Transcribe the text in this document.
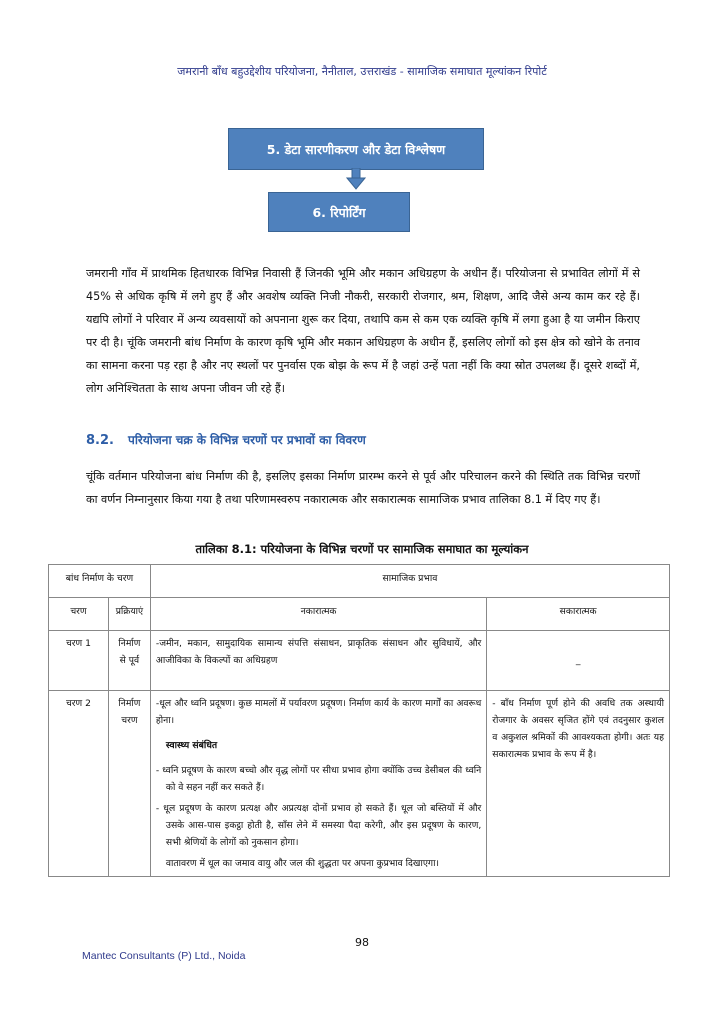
जमरानी बाँध बहुउद्देशीय परियोजना, नैनीताल, उत्तराखंड - सामाजिक समाघात मूल्यांकन रिपोर्ट
5. डेटा सारणीकरण और डेटा विश्लेषण
6. रिपोर्टिंग

जमरानी गाँव में प्राथमिक हितधारक विभिन्न निवासी हैं जिनकी भूमि और मकान अधिग्रहण के अधीन हैं। परियोजना से प्रभावित लोगों में से 45% से अधिक कृषि में लगे हुए हैं और अवशेष व्यक्ति निजी नौकरी, सरकारी रोजगार, श्रम, शिक्षण, आदि जैसे अन्य काम कर रहे हैं। यद्यपि लोगों ने परिवार में अन्य व्यवसायों को अपनाना शुरू कर दिया, तथापि कम से कम एक व्यक्ति कृषि में लगा हुआ है या जमीन किराए पर दी है। चूंकि जमरानी बांध निर्माण के कारण कृषि भूमि और मकान अधिग्रहण के अधीन हैं, इसलिए लोगों को इस क्षेत्र को खोने के तनाव का सामना करना पड़ रहा है और नए स्थलों पर पुनर्वास एक बोझ के रूप में है जहां उन्हें पता नहीं कि क्या स्रोत उपलब्ध हैं। दूसरे शब्दों में, लोग अनिश्चितता के साथ अपना जीवन जी रहे हैं।

8.2. परियोजना चक्र के विभिन्न चरणों पर प्रभावों का विवरण

चूंकि वर्तमान परियोजना बांध निर्माण की है, इसलिए इसका निर्माण प्रारम्भ करने से पूर्व और परिचालन करने की स्थिति तक विभिन्न चरणों का वर्णन निम्नानुसार किया गया है तथा परिणामस्वरुप नकारात्मक और सकारात्मक सामाजिक प्रभाव तालिका 8.1 में दिए गए हैं।

तालिका 8.1: परियोजना के विभिन्न चरणों पर सामाजिक समाघात का मूल्यांकन
बांध निर्माण के चरण		सामाजिक प्रभाव	
चरण	प्रक्रियाएं	नकारात्मक	सकारात्मक
चरण 1	निर्माण से पूर्व	-जमीन, मकान, सामुदायिक सामान्य संपत्ति संसाधन, प्राकृतिक संसाधन और सुविधायें, और आजीविका के विकल्पों का अधिग्रहण	_
चरण 2	निर्माण चरण	-धूल और ध्वनि प्रदूषण। कुछ मामलों में पर्यावरण प्रदूषण। निर्माण कार्य के कारण मार्गों का अवरूध होना।
स्वास्थ्य संबंधित
- ध्वनि प्रदूषण के कारण बच्चो और वृद्ध लोगों पर सीधा प्रभाव होगा क्योंकि उच्च डेसीबल की ध्वनि को वे सहन नहीं कर सकते हैं।
- धूल प्रदूषण के कारण प्रत्यक्ष और अप्रत्यक्ष दोनों प्रभाव हो सकते हैं। धूल जो बस्तियों में और उसके आस-पास इकट्ठा होती है, साँस लेने में समस्या पैदा करेगी, और इस प्रदूषण के कारण, सभी श्रेणियों के लोगों को नुकसान होगा।
वातावरण में धूल का जमाव वायु और जल की शुद्धता पर अपना कुप्रभाव दिखाएगा।	- बाँध निर्माण पूर्ण होने की अवधि तक अस्थायी रोजगार के अवसर सृजित होंगे एवं तदनुसार कुशल व अकुशल श्रमिकों की आवश्यकता होगी। अतः यह सकारात्मक प्रभाव के रूप में है।
98
Mantec Consultants (P) Ltd., Noida
